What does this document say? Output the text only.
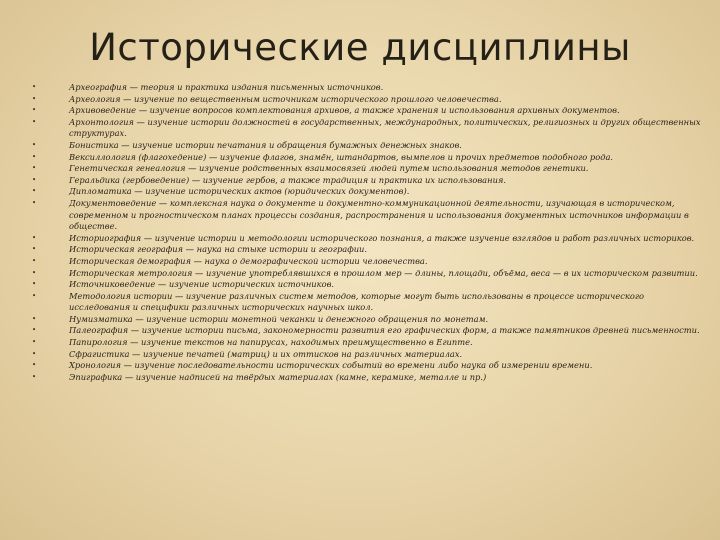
Исторические дисциплины
•	Археография — теория и практика издания письменных источников.
•	Археология — изучение по вещественным источникам исторического прошлого человечества.
•	Архивоведение — изучение вопросов комплектования архивов, а также хранения и использования архивных документов.
•	Архонтология — изучение истории должностей в государственных, международных, политических, религиозных и других общественных структурах.
•	Бонистика — изучение истории печатания и обращения бумажных денежных знаков.
•	Вексиллология (флагохедение) — изучение флагов, знамён, штандартов, вымпелов и прочих предметов подобного рода.
•	Генетическая генеалогия — изучение родственных взаимосвязей людей путем использования методов генетики.
•	Геральдика (гербоведение) — изучение гербов, а также традиция и практика их использования.
•	Дипломатика — изучение исторических актов (юридических документов).
•	Документоведение — комплексная наука о документе и документно-коммуникационной деятельности, изучающая в историческом, современном и прогностическом планах процессы создания, распространения и использования документных источников информации в обществе.
•	Историография — изучение истории и методологии исторического познания, а также изучение взглядов и работ различных историков.
•	Историческая география — наука на стыке истории и географии.
•	Историческая демография — наука о демографической истории человечества.
•	Историческая метрология — изучение употреблявшихся в прошлом мер — длины, площади, объёма, веса — в их историческом развитии.
•	Источниковедение — изучение исторических источников.
•	Методология истории — изучение различных систем методов, которые могут быть использованы в процессе исторического исследования и специфики различных исторических научных школ.
•	Нумизматика — изучение истории монетной чеканки и денежного обращения по монетам.
•	Палеография — изучение истории письма, закономерности развития его графических форм, а также памятников древней письменности.
•	Папирология — изучение текстов на папирусах, находимых преимущественно в Египте.
•	Сфрагистика — изучение печатей (матриц) и их оттисков на различных материалах.
•	Хронология — изучение последовательности исторических событий во времени либо наука об измерении времени.
•	Эпиграфика — изучение надписей на твёрдых материалах (камне, керамике, металле и пр.)
